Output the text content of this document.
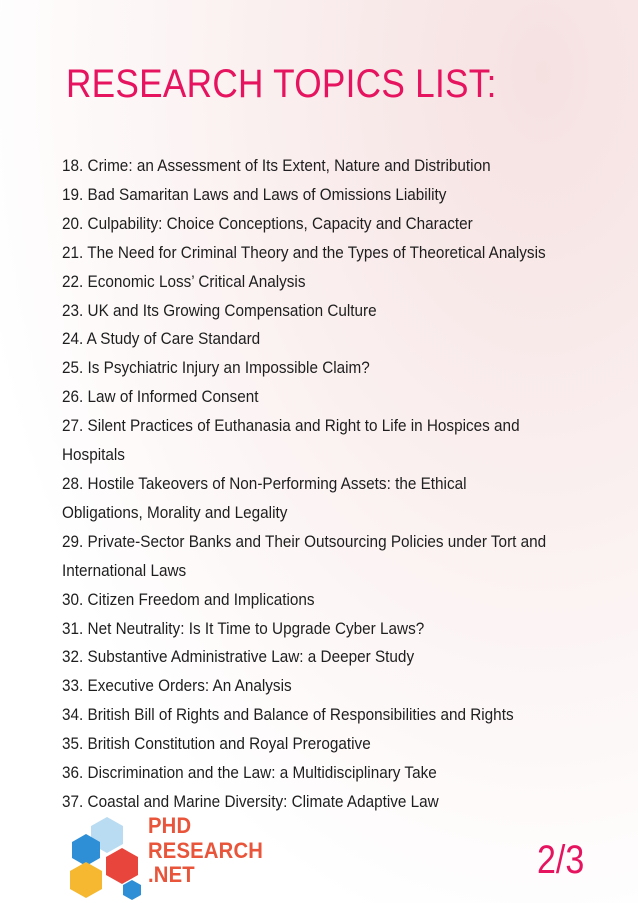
RESEARCH TOPICS LIST:
18. Crime: an Assessment of Its Extent, Nature and Distribution
19. Bad Samaritan Laws and Laws of Omissions Liability
20. Culpability: Choice Conceptions, Capacity and Character
21. The Need for Criminal Theory and the Types of Theoretical Analysis
22. Economic Loss’ Critical Analysis
23. UK and Its Growing Compensation Culture
24. A Study of Care Standard
25. Is Psychiatric Injury an Impossible Claim?
26. Law of Informed Consent
27. Silent Practices of Euthanasia and Right to Life in Hospices and
Hospitals
28. Hostile Takeovers of Non-Performing Assets: the Ethical
Obligations, Morality and Legality
29. Private-Sector Banks and Their Outsourcing Policies under Tort and
International Laws
30. Citizen Freedom and Implications
31. Net Neutrality: Is It Time to Upgrade Cyber Laws?
32. Substantive Administrative Law: a Deeper Study
33. Executive Orders: An Analysis
34. British Bill of Rights and Balance of Responsibilities and Rights
35. British Constitution and Royal Prerogative
36. Discrimination and the Law: a Multidisciplinary Take
37. Coastal and Marine Diversity: Climate Adaptive Law
PHD
RESEARCH
.NET	2/3
